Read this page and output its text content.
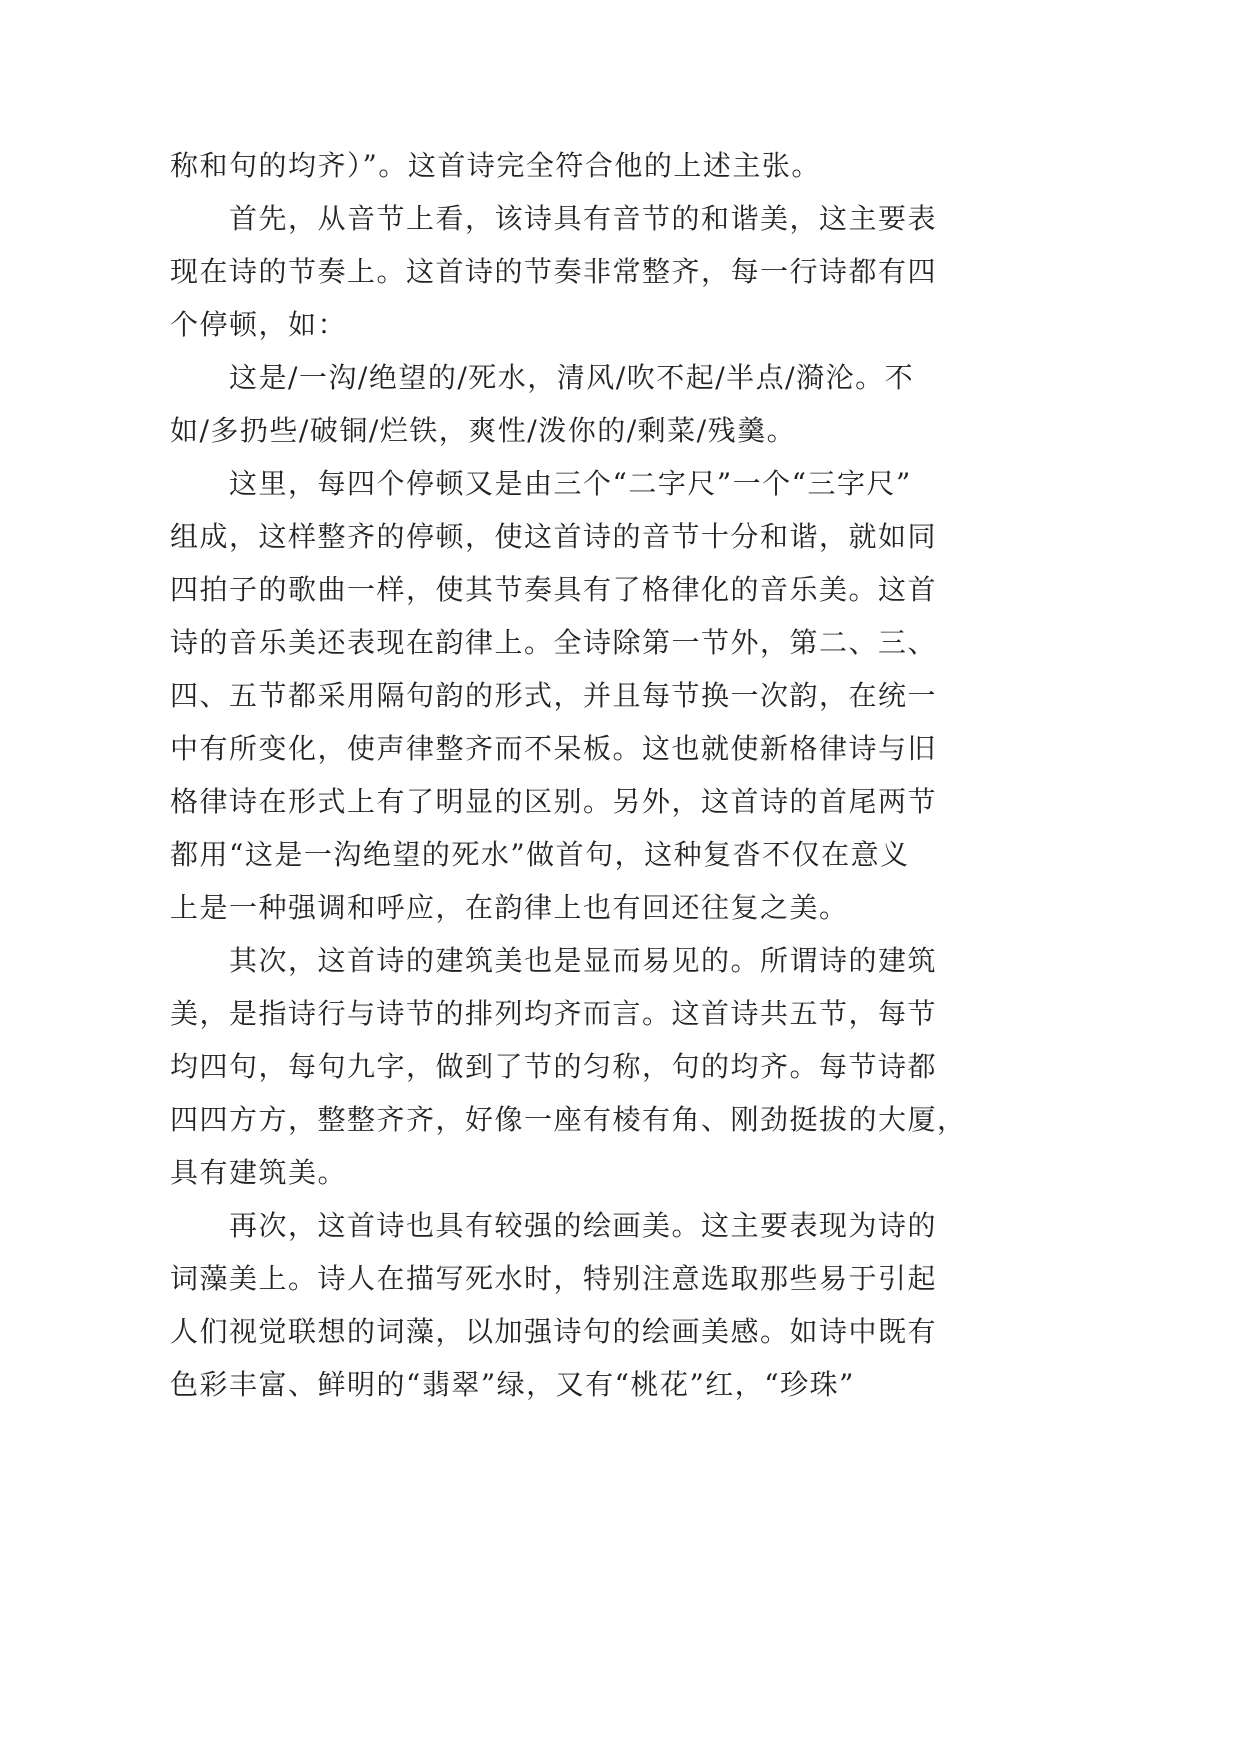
称和句的均齐）”。这首诗完全符合他的上述主张。
首先，从音节上看，该诗具有音节的和谐美，这主要表
现在诗的节奏上。这首诗的节奏非常整齐，每一行诗都有四
个停顿，如：
这是/一沟/绝望的/死水，清风/吹不起/半点/漪沦。不
如/多扔些/破铜/烂铁，爽性/泼你的/剩菜/残羹。
这里，每四个停顿又是由三个“二字尺”一个“三字尺”
组成，这样整齐的停顿，使这首诗的音节十分和谐，就如同
四拍子的歌曲一样，使其节奏具有了格律化的音乐美。这首
诗的音乐美还表现在韵律上。全诗除第一节外，第二、三、
四、五节都采用隔句韵的形式，并且每节换一次韵，在统一
中有所变化，使声律整齐而不呆板。这也就使新格律诗与旧
格律诗在形式上有了明显的区别。另外，这首诗的首尾两节
都用“这是一沟绝望的死水”做首句，这种复沓不仅在意义
上是一种强调和呼应，在韵律上也有回还往复之美。
其次，这首诗的建筑美也是显而易见的。所谓诗的建筑
美，是指诗行与诗节的排列均齐而言。这首诗共五节，每节
均四句，每句九字，做到了节的匀称，句的均齐。每节诗都
四四方方，整整齐齐，好像一座有棱有角、刚劲挺拔的大厦，
具有建筑美。
再次，这首诗也具有较强的绘画美。这主要表现为诗的
词藻美上。诗人在描写死水时，特别注意选取那些易于引起
人们视觉联想的词藻，以加强诗句的绘画美感。如诗中既有
色彩丰富、鲜明的“翡翠”绿，又有“桃花”红，“珍珠”
